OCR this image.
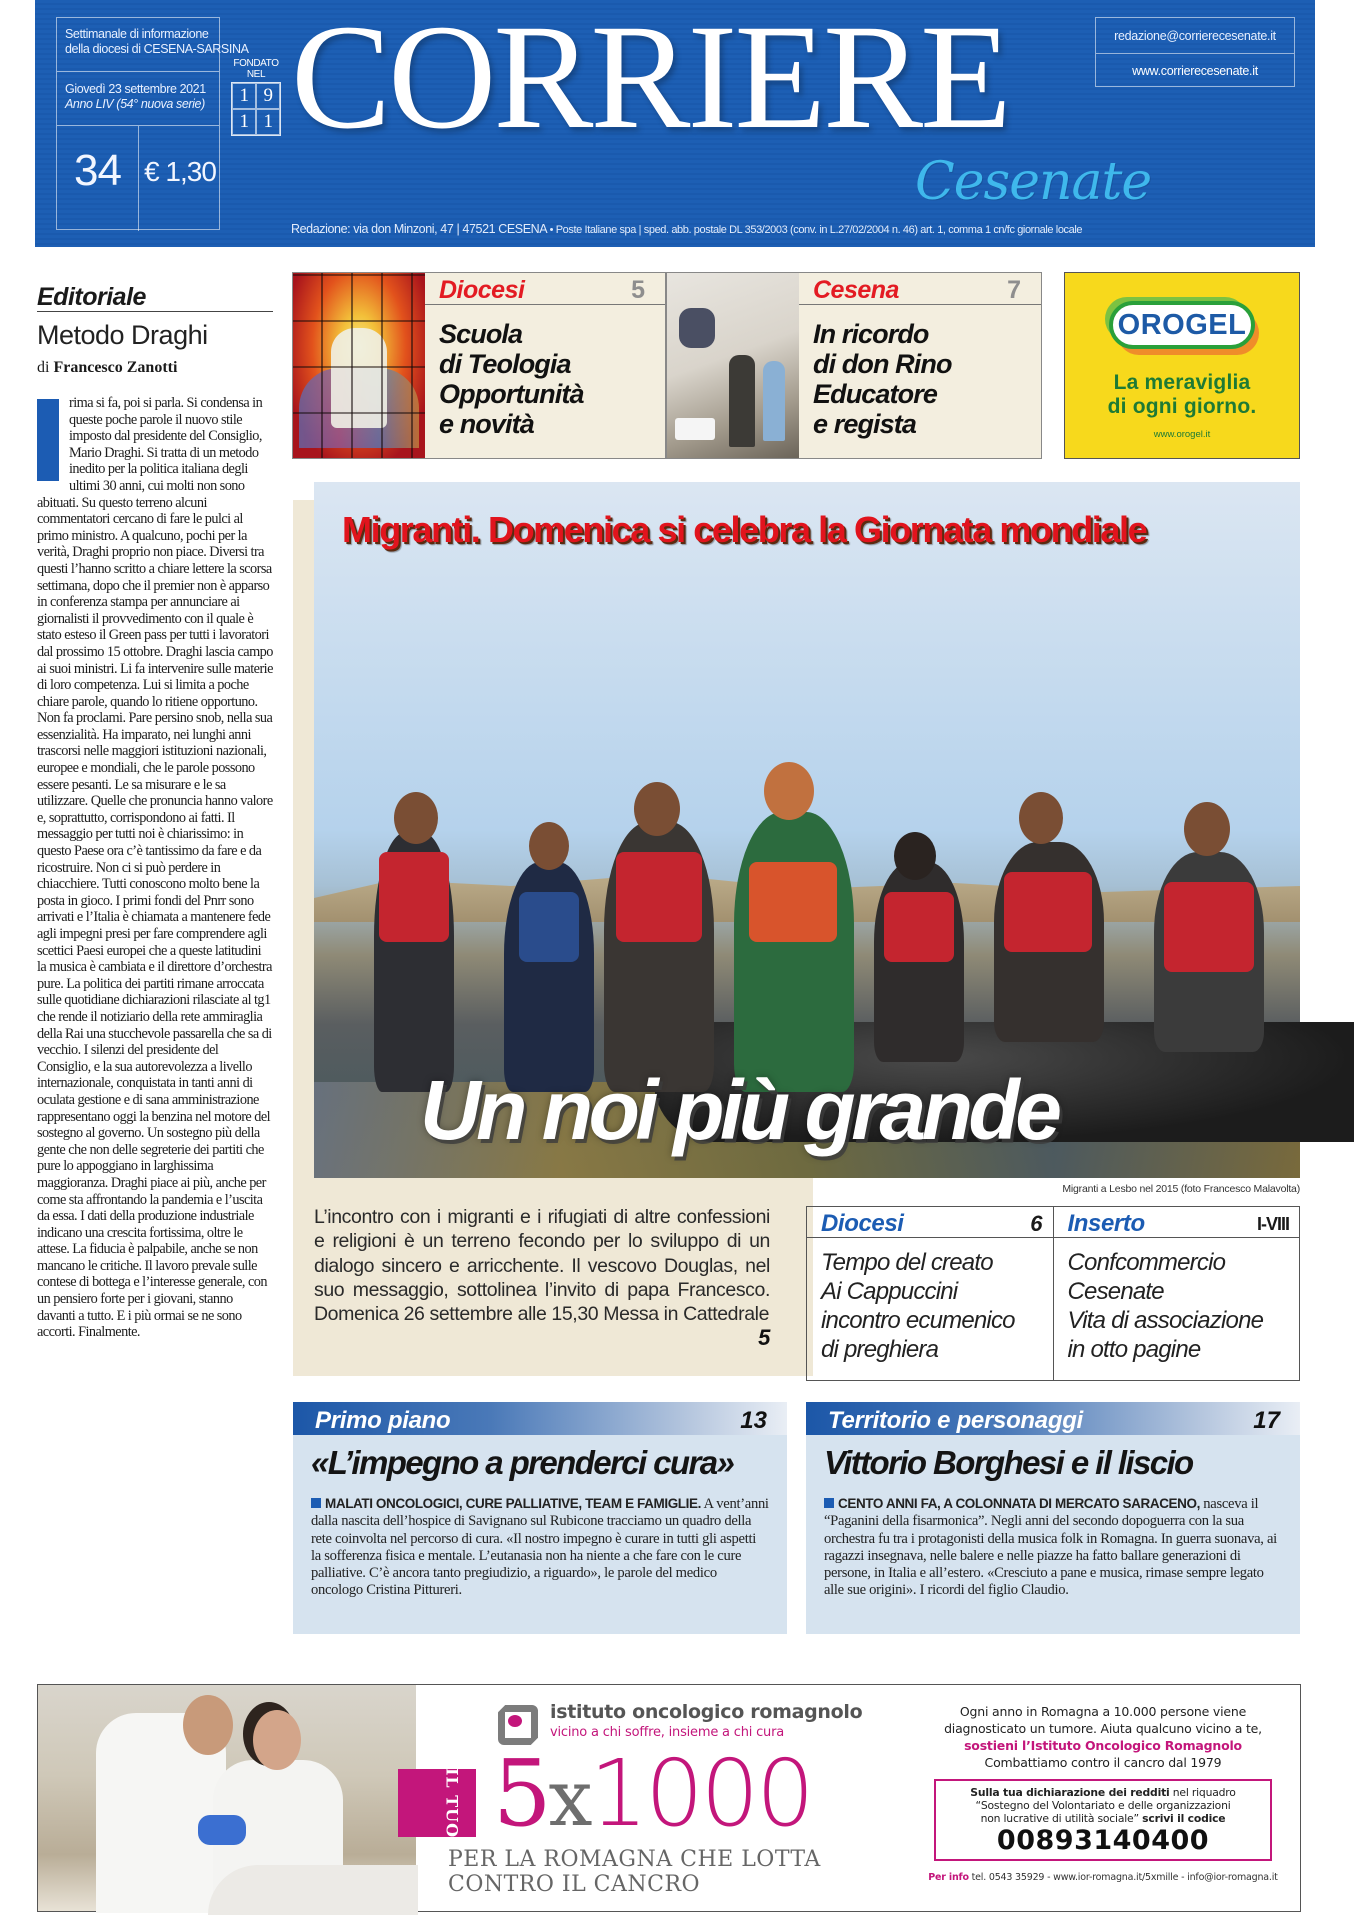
Settimanale di informazione
della diocesi di CESENA-SARSINA
Giovedì 23 settembre 2021
Anno LIV (54° nuova serie)
34 € 1,30
FONDATO NEL
1 9
1 1 CORRIERE
Cesenate
redazione@corrierecesenate.it
www.corrierecesenate.it
Redazione: via don Minzoni, 47 | 47521 CESENA • Poste Italiane spa | sped. abb. postale DL 353/2003 (conv. in L.27/02/2004 n. 46) art. 1, comma 1 cn/fc giornale locale
Editoriale
Metodo Draghi
di Francesco Zanotti
rima si fa, poi si parla. Si condensa in queste poche parole il nuovo stile imposto dal presidente del Consiglio, Mario Draghi. Si tratta di un metodo inedito per la politica italiana degli ultimi 30 anni, cui molti non sono abituati. Su questo terreno alcuni commentatori cercano di fare le pulci al primo ministro. A qualcuno, pochi per la verità, Draghi proprio non piace. Diversi tra questi l’hanno scritto a chiare lettere la scorsa settimana, dopo che il premier non è apparso in conferenza stampa per annunciare ai giornalisti il provvedimento con il quale è stato esteso il Green pass per tutti i lavoratori dal prossimo 15 ottobre. Draghi lascia campo ai suoi ministri. Li fa intervenire sulle materie di loro competenza. Lui si limita a poche chiare parole, quando lo ritiene opportuno. Non fa proclami. Pare persino snob, nella sua essenzialità. Ha imparato, nei lunghi anni trascorsi nelle maggiori istituzioni nazionali, europee e mondiali, che le parole possono essere pesanti. Le sa misurare e le sa utilizzare. Quelle che pronuncia hanno valore e, soprattutto, corrispondono ai fatti. Il messaggio per tutti noi è chiarissimo: in questo Paese ora c’è tantissimo da fare e da ricostruire. Non ci si può perdere in chiacchiere. Tutti conoscono molto bene la posta in gioco. I primi fondi del Pnrr sono arrivati e l’Italia è chiamata a mantenere fede agli impegni presi per fare comprendere agli scettici Paesi europei che a queste latitudini la musica è cambiata e il direttore d’orchestra pure. La politica dei partiti rimane arroccata sulle quotidiane dichiarazioni rilasciate al tg1 che rende il notiziario della rete ammiraglia della Rai una stucchevole passarella che sa di vecchio. I silenzi del presidente del Consiglio, e la sua autorevolezza a livello internazionale, conquistata in tanti anni di oculata gestione e di sana amministrazione rappresentano oggi la benzina nel motore del sostegno al governo. Un sostegno più della gente che non delle segreterie dei partiti che pure lo appoggiano in larghissima maggioranza. Draghi piace ai più, anche per come sta affrontando la pandemia e l’uscita da essa. I dati della produzione industriale indicano una crescita fortissima, oltre le attese. La fiducia è palpabile, anche se non mancano le critiche. Il lavoro prevale sulle contese di bottega e l’interesse generale, con un pensiero forte per i giovani, stanno davanti a tutto. E i più ormai se ne sono accorti. Finalmente.
Diocesi	5
Scuola
di Teologia
Opportunità
e novità
Cesena	7
In ricordo
di don Rino
Educatore
e regista
OROGEL
La meraviglia
di ogni giorno.
www.orogel.it
Migranti. Domenica si celebra la Giornata mondiale
Un noi più grande
Migranti a Lesbo nel 2015 (foto Francesco Malavolta)

L’incontro con i migranti e i rifugiati di altre confessioni e religioni è un terreno fecondo per lo sviluppo di un dialogo sincero e arricchente. Il vescovo Douglas, nel suo messaggio, sottolinea l’invito di papa Francesco. Domenica 26 settembre alle 15,30 Messa in Cattedrale
5

Diocesi	6
Tempo del creato
Ai Cappuccini
incontro ecumenico
di preghiera
Inserto	I-VIII
Confcommercio
Cesenate
Vita di associazione
in otto pagine
Primo piano	13
«L’impegno a prenderci cura»

MALATI ONCOLOGICI, CURE PALLIATIVE, TEAM E FAMIGLIE. A vent’anni dalla nascita dell’hospice di Savignano sul Rubicone tracciamo un quadro della rete coinvolta nel percorso di cura. «Il nostro impegno è curare in tutti gli aspetti la sofferenza fisica e mentale. L’eutanasia non ha niente a che fare con le cure palliative. C’è ancora tanto pregiudizio, a riguardo», le parole del medico oncologo Cristina Pittureri.

Territorio e personaggi	17
Vittorio Borghesi e il liscio

CENTO ANNI FA, A COLONNATA DI MERCATO SARACENO, nasceva il “Paganini della fisarmonica”. Negli anni del secondo dopoguerra con la sua orchestra fu tra i protagonisti della musica folk in Romagna. In guerra suonava, ai ragazzi insegnava, nelle balere e nelle piazze ha fatto ballare generazioni di persone, in Italia e all’estero. «Cresciuto a pane e musica, rimase sempre legato alle sue origini». I ricordi del figlio Claudio.

IL TUO
istituto oncologico romagnolo
vicino a chi soffre, insieme a chi cura
5x1000
PER LA ROMAGNA CHE LOTTA
CONTRO IL CANCRO
Ogni anno in Romagna a 10.000 persone viene
diagnosticato un tumore. Aiuta qualcuno vicino a te,
sostieni l’Istituto Oncologico Romagnolo
Combattiamo contro il cancro dal 1979
Sulla tua dichiarazione dei redditi nel riquadro
“Sostegno del Volontariato e delle organizzazioni
non lucrative di utilità sociale” scrivi il codice
00893140400
Per info tel. 0543 35929 - www.ior-romagna.it/5xmille - info@ior-romagna.it
